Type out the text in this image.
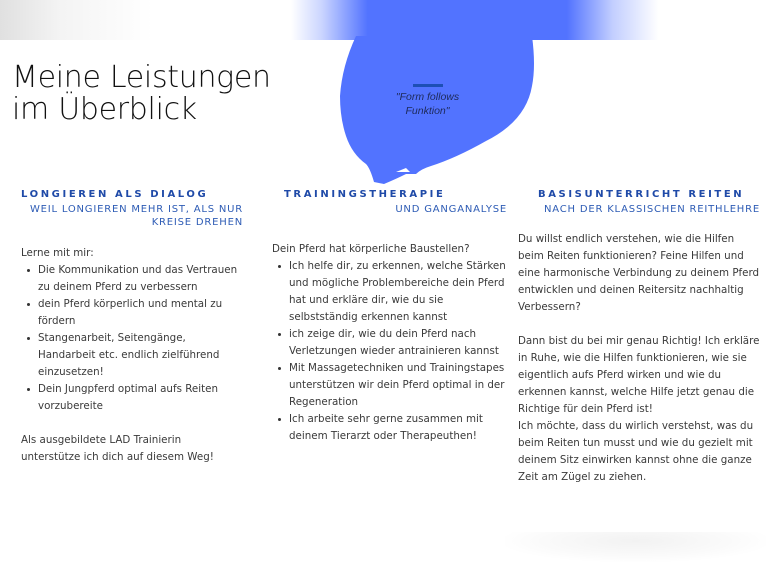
"Form follows Funktion"
Meine Leistungen im Überblick
LONGIEREN ALS DIALOG
WEIL LONGIEREN MEHR IST, ALS NUR KREISE DREHEN

Lerne mit mir:

Die Kommunikation und das Vertrauen zu deinem Pferd zu verbessern
dein Pferd körperlich und mental zu fördern
Stangenarbeit, Seitengänge, Handarbeit etc. endlich zielführend einzusetzen!
Dein Jungpferd optimal aufs Reiten vorzubereite

Als ausgebildete LAD Trainierin unterstütze ich dich auf diesem Weg!

TRAININGSTHERAPIE
UND GANGANALYSE

Dein Pferd hat körperliche Baustellen?

Ich helfe dir, zu erkennen, welche Stärken und mögliche Problembereiche dein Pferd hat und erkläre dir, wie du sie selbstständig erkennen kannst
ich zeige dir, wie du dein Pferd nach Verletzungen wieder antrainieren kannst
Mit Massagetechniken und Trainingstapes unterstützen wir dein Pferd optimal in der Regeneration
Ich arbeite sehr gerne zusammen mit deinem Tierarzt oder Therapeuthen!
BASISUNTERRICHT REITEN
NACH DER KLASSISCHEN REITHLEHRE

Du willst endlich verstehen, wie die Hilfen beim Reiten funktionieren? Feine Hilfen und eine harmonische Verbindung zu deinem Pferd entwicklen und deinen Reitersitz nachhaltig Verbessern?

Dann bist du bei mir genau Richtig! Ich erkläre in Ruhe, wie die Hilfen funktionieren, wie sie eigentlich aufs Pferd wirken und wie du erkennen kannst, welche Hilfe jetzt genau die Richtige für dein Pferd ist!

Ich möchte, dass du wirlich verstehst, was du beim Reiten tun musst und wie du gezielt mit deinem Sitz einwirken kannst ohne die ganze Zeit am Zügel zu ziehen.
